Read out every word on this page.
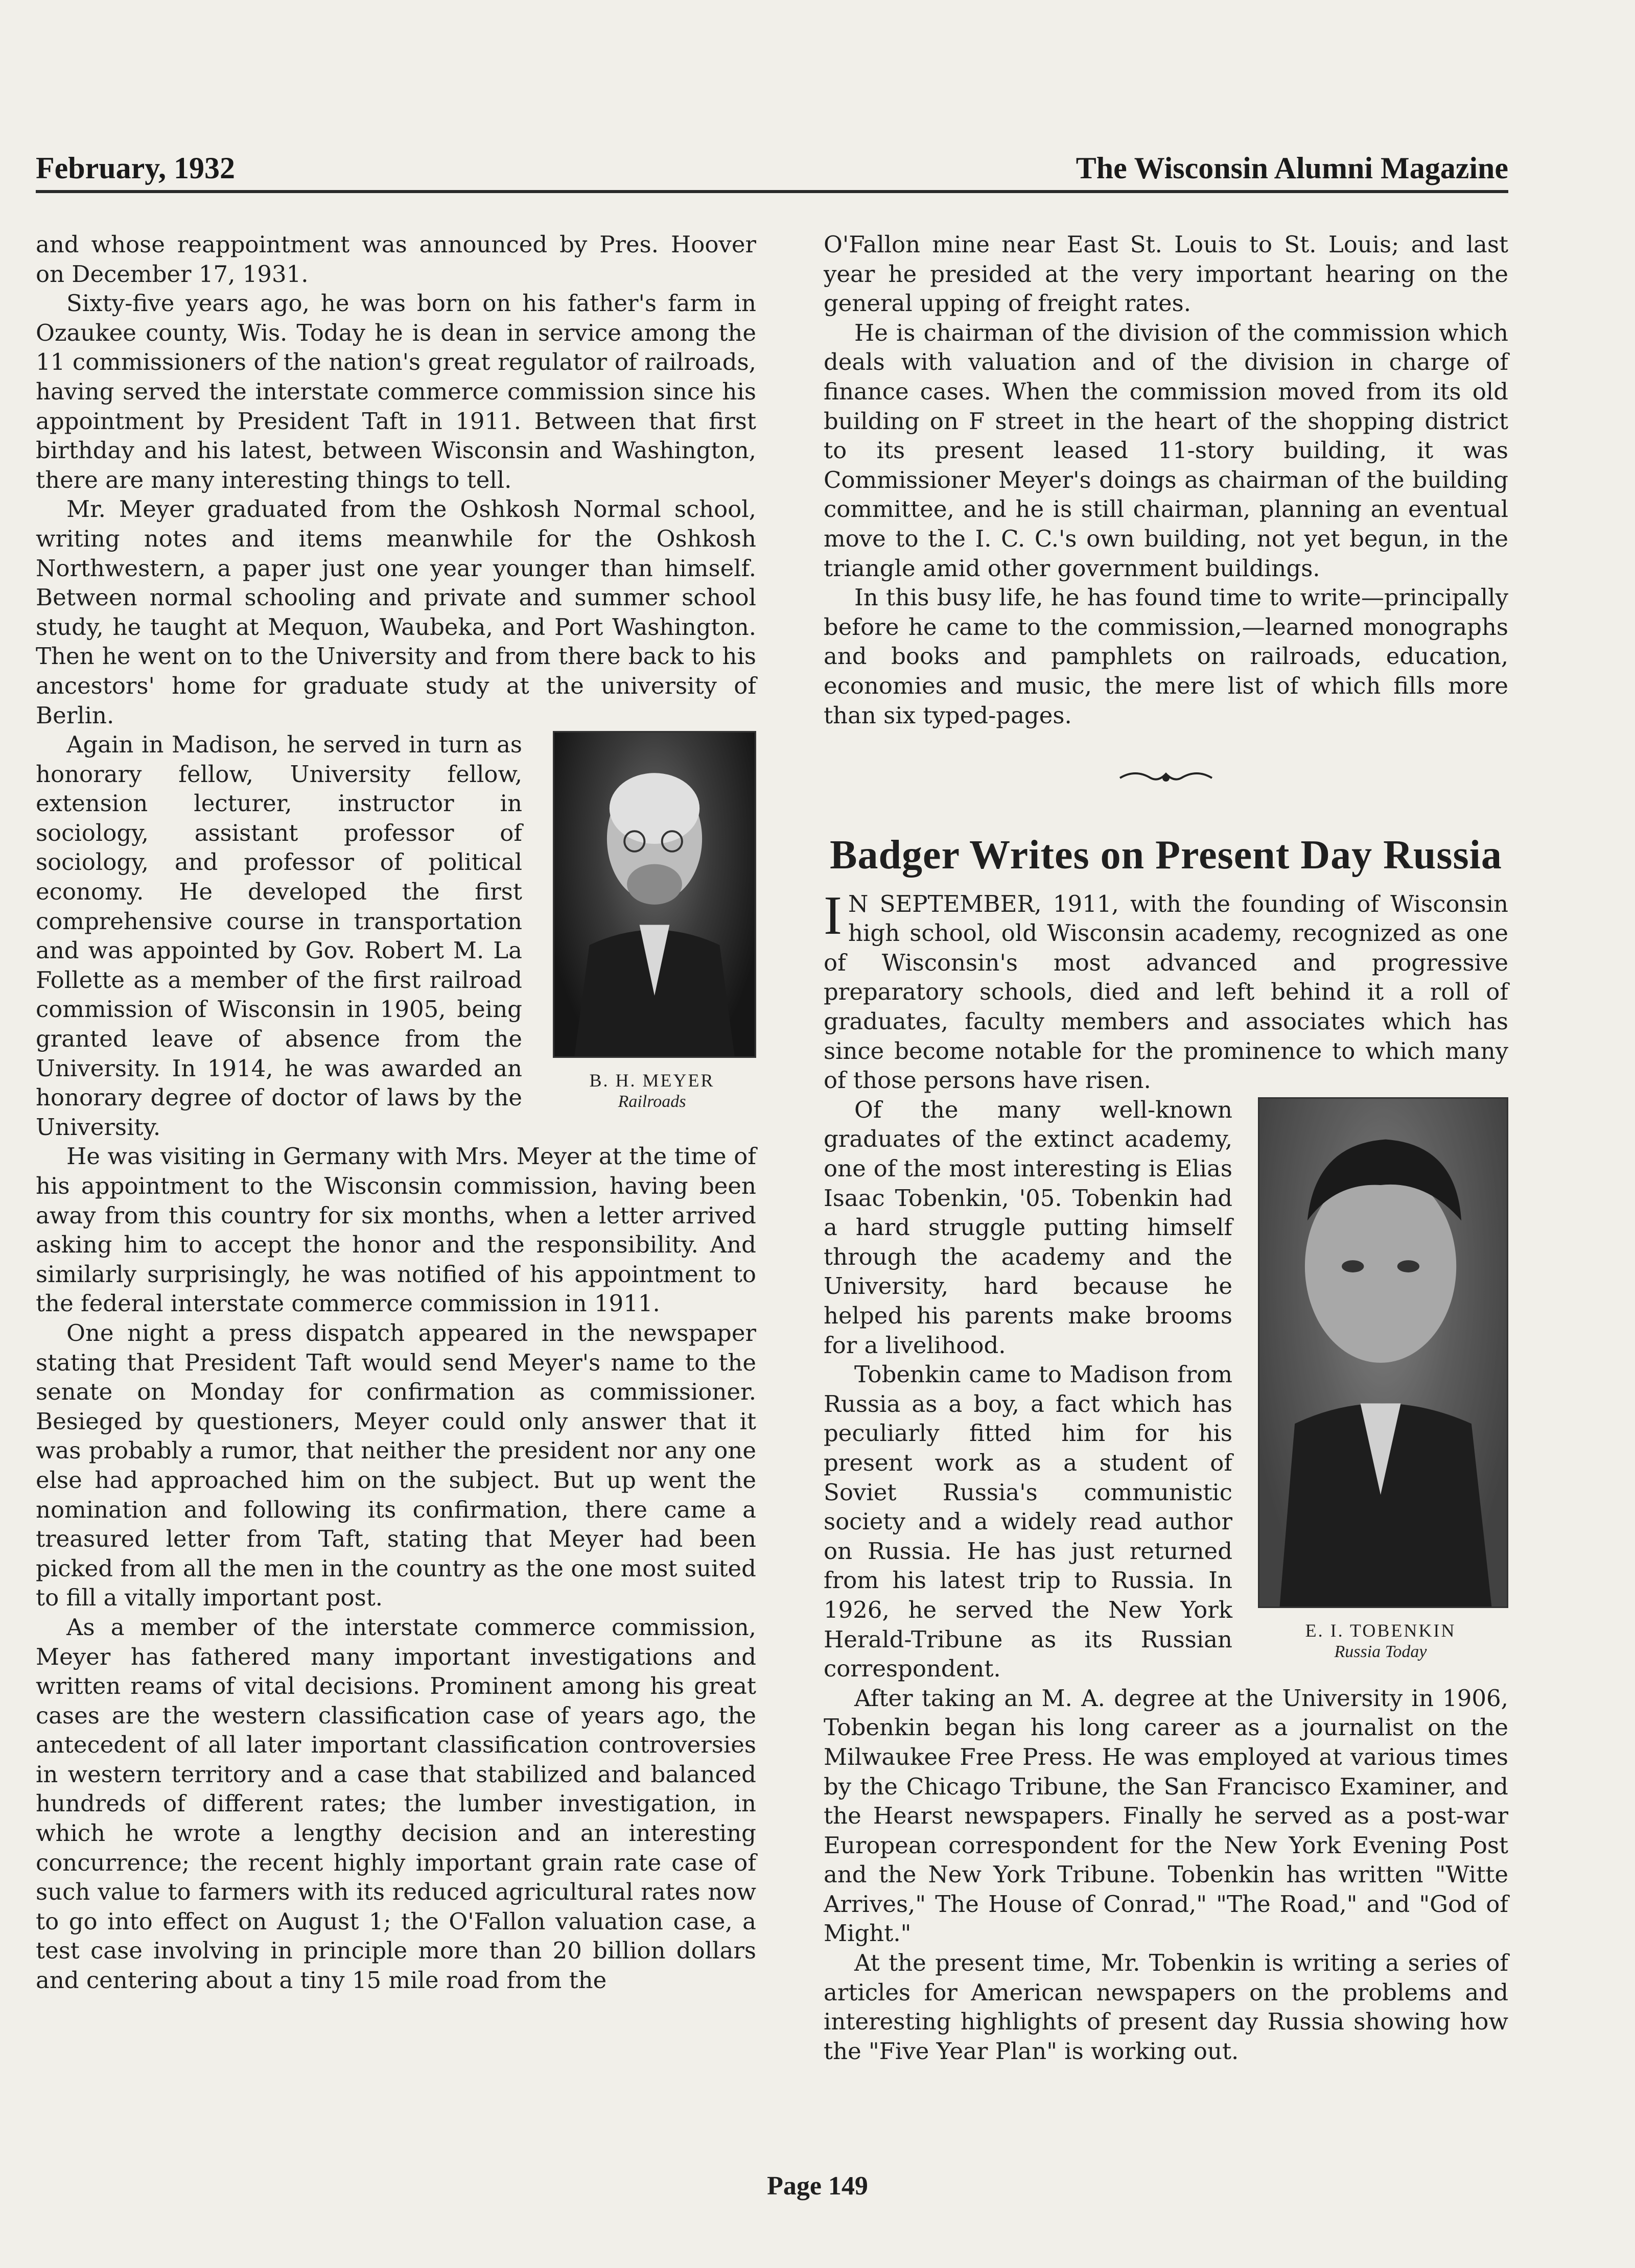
February, 1932	The Wisconsin Alumni Magazine

and whose reappointment was announced by Pres. Hoover on December 17, 1931.

Sixty-five years ago, he was born on his father's farm in Ozaukee county, Wis. Today he is dean in service among the 11 commissioners of the nation's great regulator of railroads, having served the interstate commerce commission since his appointment by President Taft in 1911. Between that first birthday and his latest, between Wisconsin and Washington, there are many interesting things to tell.

Mr. Meyer graduated from the Oshkosh Normal school, writing notes and items meanwhile for the Oshkosh Northwestern, a paper just one year younger than himself. Between normal schooling and private and summer school study, he taught at Mequon, Waubeka, and Port Washington. Then he went on to the University and from there back to his ancestors' home for graduate study at the university of Berlin.

B. H. MEYER
Railroads

Again in Madison, he served in turn as honorary fellow, University fellow, extension lecturer, instructor in sociology, assistant professor of sociology, and professor of political economy. He developed the first comprehensive course in transportation and was appointed by Gov. Robert M. La Follette as a member of the first railroad commission of Wisconsin in 1905, being granted leave of absence from the University. In 1914, he was awarded an honorary degree of doctor of laws by the University.

He was visiting in Germany with Mrs. Meyer at the time of his appointment to the Wisconsin commission, having been away from this country for six months, when a letter arrived asking him to accept the honor and the responsibility. And similarly surprisingly, he was notified of his appointment to the federal interstate commerce commission in 1911.

One night a press dispatch appeared in the newspaper stating that President Taft would send Meyer's name to the senate on Monday for confirmation as commissioner. Besieged by questioners, Meyer could only answer that it was probably a rumor, that neither the president nor any one else had approached him on the subject. But up went the nomination and following its confirmation, there came a treasured letter from Taft, stating that Meyer had been picked from all the men in the country as the one most suited to fill a vitally important post.

As a member of the interstate commerce commission, Meyer has fathered many important investigations and written reams of vital decisions. Prominent among his great cases are the western classification case of years ago, the antecedent of all later important classification controversies in western territory and a case that stabilized and balanced hundreds of different rates; the lumber investigation, in which he wrote a lengthy decision and an interesting concurrence; the recent highly important grain rate case of such value to farmers with its reduced agricultural rates now to go into effect on August 1; the O'Fallon valuation case, a test case involving in principle more than 20 billion dollars and centering about a tiny 15 mile road from the

O'Fallon mine near East St. Louis to St. Louis; and last year he presided at the very important hearing on the general upping of freight rates.

He is chairman of the division of the commission which deals with valuation and of the division in charge of finance cases. When the commission moved from its old building on F street in the heart of the shopping district to its present leased 11-story building, it was Commissioner Meyer's doings as chairman of the building committee, and he is still chairman, planning an eventual move to the I. C. C.'s own building, not yet begun, in the triangle amid other government buildings.

In this busy life, he has found time to write—principally before he came to the commission,—learned monographs and books and pamphlets on railroads, education, economies and music, the mere list of which fills more than six typed-pages.

Badger Writes on Present Day Russia

I N SEPTEMBER, 1911, with the founding of Wisconsin high school, old Wisconsin academy, recognized as one of Wisconsin's most advanced and progressive preparatory schools, died and left behind it a roll of graduates, faculty members and associates which has since become notable for the prominence to which many of those persons have risen.

E. I. TOBENKIN
Russia Today

Of the many well-known graduates of the extinct academy, one of the most interesting is Elias Isaac Tobenkin, '05. Tobenkin had a hard struggle putting himself through the academy and the University, hard because he helped his parents make brooms for a livelihood.

Tobenkin came to Madison from Russia as a boy, a fact which has peculiarly fitted him for his present work as a student of Soviet Russia's communistic society and a widely read author on Russia. He has just returned from his latest trip to Russia. In 1926, he served the New York Herald-Tribune as its Russian correspondent.

After taking an M. A. degree at the University in 1906, Tobenkin began his long career as a journalist on the Milwaukee Free Press. He was employed at various times by the Chicago Tribune, the San Francisco Examiner, and the Hearst newspapers. Finally he served as a post-war European correspondent for the New York Evening Post and the New York Tribune. Tobenkin has written "Witte Arrives," The House of Conrad," "The Road," and "God of Might."

At the present time, Mr. Tobenkin is writing a series of articles for American newspapers on the problems and interesting highlights of present day Russia showing how the "Five Year Plan" is working out.

Page 149
